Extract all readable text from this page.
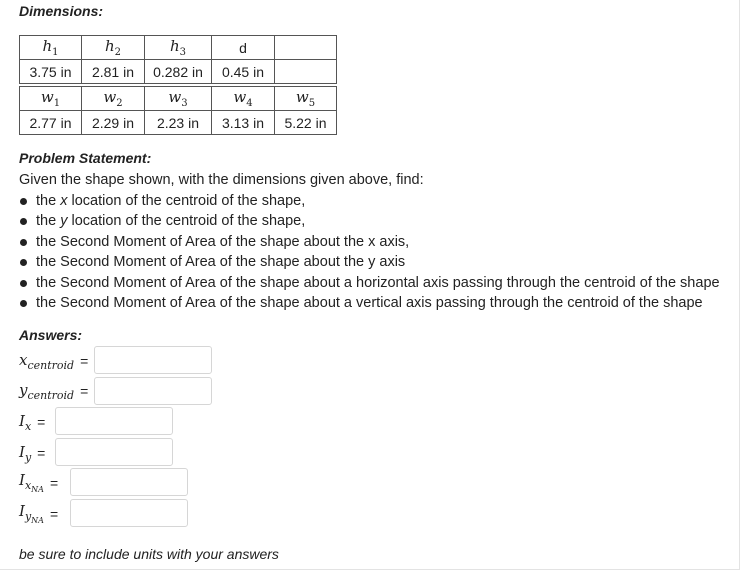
Dimensions:
$h_1$	$h_2$	$h_3$	d	
3.75 in	2.81 in	0.282 in	0.45 in	
$w_1$	$w_2$	$w_3$	$w_4$	$w_5$
2.77 in	2.29 in	2.23 in	3.13 in	5.22 in
Problem Statement:
Given the shape shown, with the dimensions given above, find:
the x location of the centroid of the shape,
the y location of the centroid of the shape,
the Second Moment of Area of the shape about the x axis,
the Second Moment of Area of the shape about the y axis
the Second Moment of Area of the shape about a horizontal axis passing through the centroid of the shape
the Second Moment of Area of the shape about a vertical axis passing through the centroid of the shape
Answers:
$x_{centroid}$ =
$y_{centroid}$ =
$I_x$ =
$I_y$ =
$I_{x_{NA}}$ =
$I_{y_{NA}}$ =
be sure to include units with your answers
